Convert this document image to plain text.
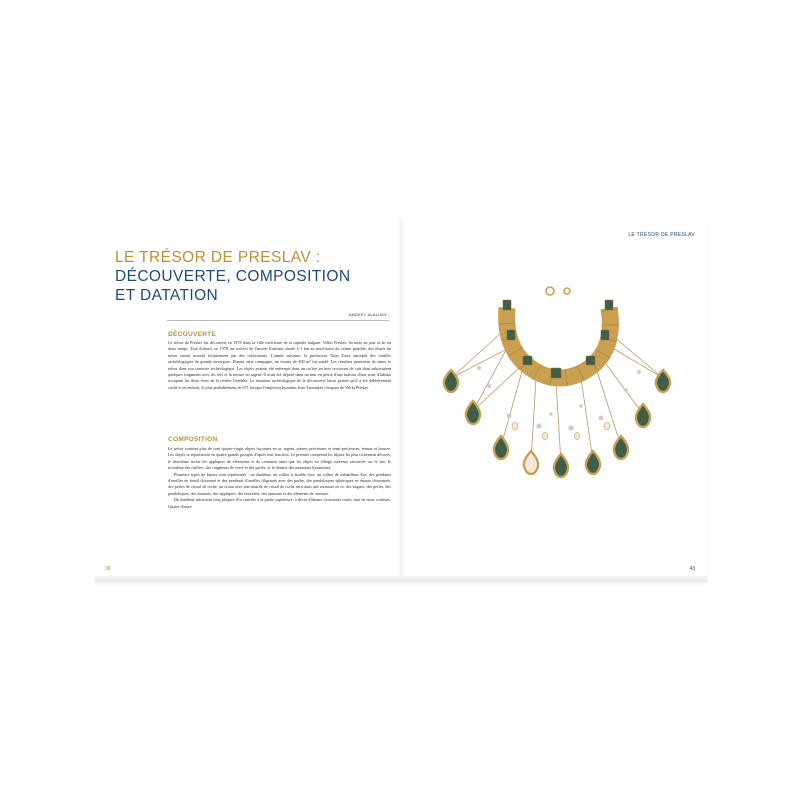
LE TRÉSOR DE PRESLAV :
DÉCOUVERTE, COMPOSITION
ET DATATION
ANDKEY ALALUEV
DÉCOUVERTE

Le trésor de Preslav fut découvert en 1978 dans la ville extérieure de la capitale bulgare, Veliki Preslav. Sa mise au jour se fit en deux temps. Tout d'abord, en 1978, au sud-est de l'ancien Karčana, située à 3 km au nord-ouest du centre paisible, des objets du trésor furent trouvés fortuitement par des cultivateurs. L'année suivante, le professeur Totju Totev entreprit des fouilles archéologiques de grande envergure. Durant cette campagne, un terrain de 400 m² fut sondé. Les résultats permirent de situer le trésor dans son contexte archéologique. Les objets avaient été enfermés dans un coffret en bois recouvert de cuir dont subsistaient quelques fragments avec les fers et la ferrure en argent. Il avait été déposé dans un mur en pierre d'une maison d'une zone d'habitat occupant les deux rives de la rivière Gerebka. La situation archéologique de la découverte laisse penser qu'il a été délibérément caché à cet endroit, le plus probablement en 971 lorsque l'empereur byzantin Jean Tzimiskès s'empara de Veliki Preslav.

COMPOSITION

Le trésor contient plus de cent quatre-vingts objets façonnés en or, argent, pierres précieuses et semi-précieuses, émaux et bronze. Les objets se répartissent en quatre grands groupes d'après leur fonction. Le premier comprend les bijoux les plus richement décorés, le deuxième inclut les appliques de vêtements et de ceintures ainsi que les objets en alliage cuivreux retrouvés sur le site, le troisième des cuillers, des fragments de verre et des perles, et le dernier des monnaies byzantines.

Plusieurs types de bijoux sont représentés : un diadème, un collier à double face, un collier de médaillons d'or, des pendants d'oreilles en émail cloisonné et des pendants d'oreilles filigranés avec des perles, des pendeloques sphériques en émaux cloisonnés, des perles de cristal de roche, un scoau avec une intaille de cristal de roche serti dans une monture en or, des bagues, des perles, des pendeloques, des boutons, des appliques, des bracelets, des anneaux et des éléments de ceinture.

Du diadème subsistent cinq plaques d'or cintrées à la partie supérieure, à décor d'émaux cloisonnés ornés, mar de noue couleurs. Quatre d'entre

38
LE TRÉSOR DE PRESLAV
43
